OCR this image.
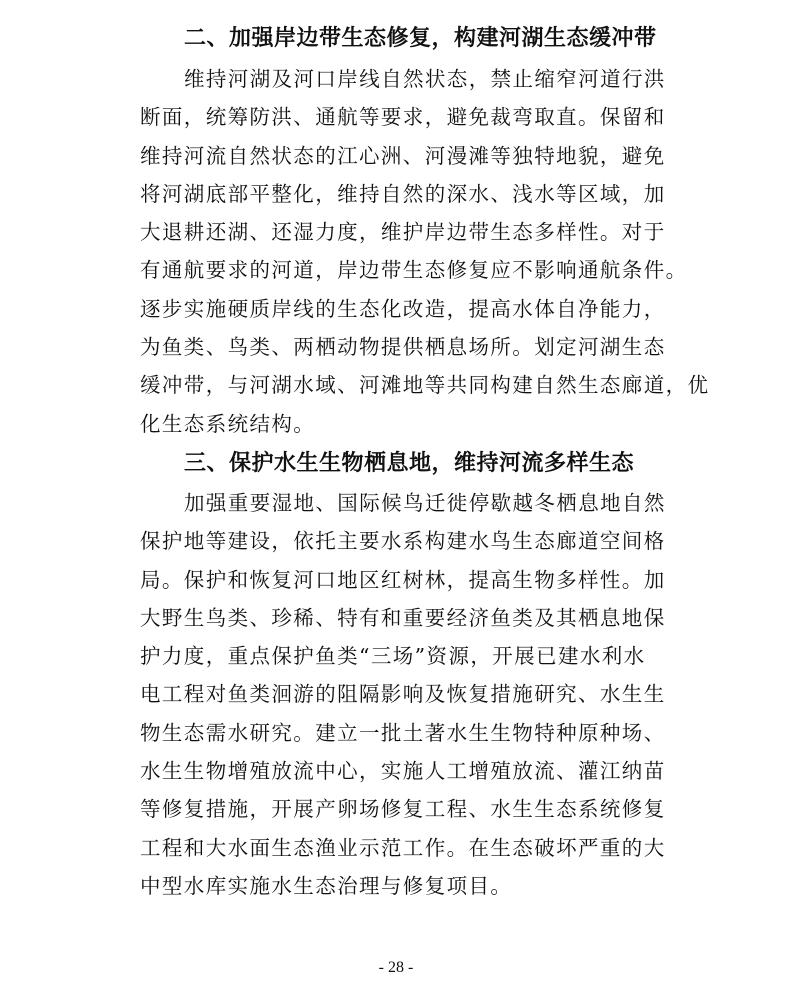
二、加强岸边带生态修复，构建河湖生态缓冲带
维持河湖及河口岸线自然状态，禁止缩窄河道行洪
断面，统筹防洪、通航等要求，避免裁弯取直。保留和
维持河流自然状态的江心洲、河漫滩等独特地貌，避免
将河湖底部平整化，维持自然的深水、浅水等区域，加
大退耕还湖、还湿力度，维护岸边带生态多样性。对于
有通航要求的河道，岸边带生态修复应不影响通航条件。
逐步实施硬质岸线的生态化改造，提高水体自净能力，
为鱼类、鸟类、两栖动物提供栖息场所。划定河湖生态
缓冲带，与河湖水域、河滩地等共同构建自然生态廊道，优
化生态系统结构。
三、保护水生生物栖息地，维持河流多样生态
加强重要湿地、国际候鸟迁徙停歇越冬栖息地自然
保护地等建设，依托主要水系构建水鸟生态廊道空间格
局。保护和恢复河口地区红树林，提高生物多样性。加
大野生鸟类、珍稀、特有和重要经济鱼类及其栖息地保
护力度，重点保护鱼类“三场”资源，开展已建水利水
电工程对鱼类洄游的阻隔影响及恢复措施研究、水生生
物生态需水研究。建立一批土著水生生物特种原种场、
水生生物增殖放流中心，实施人工增殖放流、灌江纳苗
等修复措施，开展产卵场修复工程、水生生态系统修复
工程和大水面生态渔业示范工作。在生态破坏严重的大
中型水库实施水生态治理与修复项目。
- 28 -
